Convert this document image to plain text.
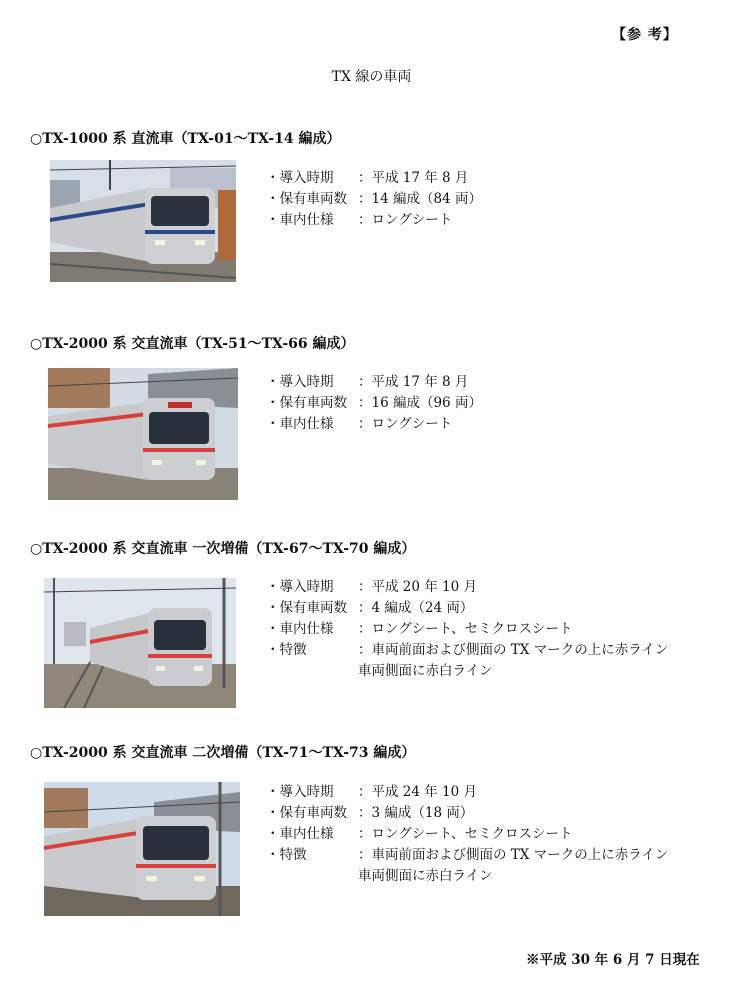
【参 考】
TX 線の車両
○TX-1000 系 直流車（TX-01～TX-14 編成）
・導入時期	：平成 17 年 8 月
・保有車両数 ：14 編成（84 両）
・車内仕様	：ロングシート
○TX-2000 系 交直流車（TX-51～TX-66 編成）
・導入時期	：平成 17 年 8 月
・保有車両数 ：16 編成（96 両）
・車内仕様	：ロングシート
○TX-2000 系 交直流車 一次増備（TX-67～TX-70 編成）
・導入時期	：平成 20 年 10 月
・保有車両数 ：4 編成（24 両）
・車内仕様	：ロングシート、セミクロスシート
・特徴	：車両前面および側面の TX マークの上に赤ライン
車両側面に赤白ライン
○TX-2000 系 交直流車 二次増備（TX-71～TX-73 編成）
・導入時期	：平成 24 年 10 月
・保有車両数 ：3 編成（18 両）
・車内仕様	：ロングシート、セミクロスシート
・特徴	：車両前面および側面の TX マークの上に赤ライン
車両側面に赤白ライン
※平成 30 年 6 月 7 日現在
